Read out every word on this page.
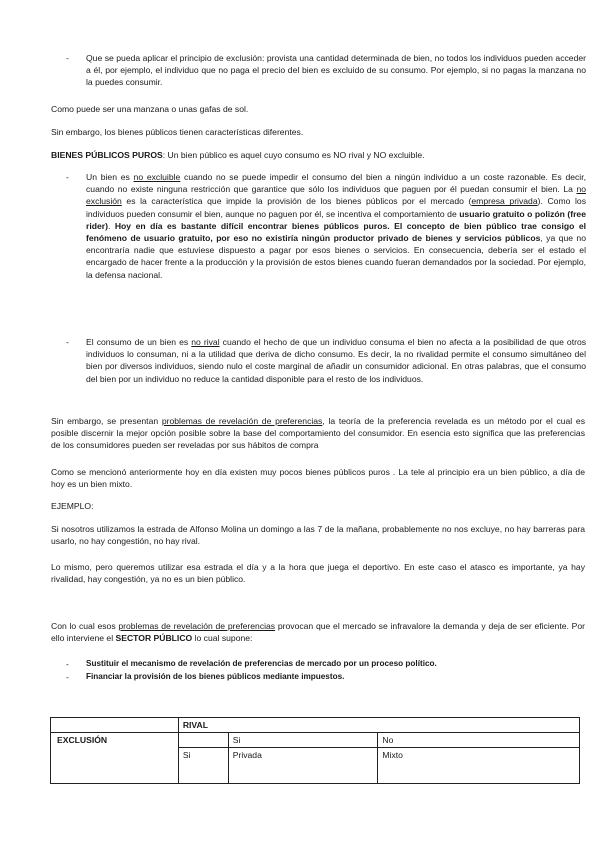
-	Que se pueda aplicar el principio de exclusión: provista una cantidad determinada de bien, no todos los individuos pueden acceder a él, por ejemplo, el individuo que no paga el precio del bien es excluido de su consumo. Por ejemplo, si no pagas la manzana no la puedes consumir.

Como puede ser una manzana o unas gafas de sol.

Sin embargo, los bienes públicos tienen características diferentes.

BIENES PÚBLICOS PUROS: Un bien público es aquel cuyo consumo es NO rival y NO excluible.

-	Un bien es no excluible cuando no se puede impedir el consumo del bien a ningún individuo a un coste razonable. Es decir, cuando no existe ninguna restricción que garantice que sólo los individuos que paguen por él puedan consumir el bien. La no exclusión es la característica que impide la provisión de los bienes públicos por el mercado (empresa privada). Como los individuos pueden consumir el bien, aunque no paguen por él, se incentiva el comportamiento de usuario gratuito o polizón (free rider). Hoy en día es bastante difícil encontrar bienes públicos puros. El concepto de bien público trae consigo el fenómeno de usuario gratuito, por eso no existiría ningún productor privado de bienes y servicios públicos, ya que no encontraría nadie que estuviese dispuesto a pagar por esos bienes o servicios. En consecuencia, debería ser el estado el encargado de hacer frente a la producción y la provisión de estos bienes cuando fueran demandados por la sociedad. Por ejemplo, la defensa nacional.

-	El consumo de un bien es no rival cuando el hecho de que un individuo consuma el bien no afecta a la posibilidad de que otros individuos lo consuman, ni a la utilidad que deriva de dicho consumo. Es decir, la no rivalidad permite el consumo simultáneo del bien por diversos individuos, siendo nulo el coste marginal de añadir un consumidor adicional. En otras palabras, que el consumo del bien por un individuo no reduce la cantidad disponible para el resto de los individuos.

Sin embargo, se presentan problemas de revelación de preferencias, la teoría de la preferencia revelada es un método por el cual es posible discernir la mejor opción posible sobre la base del comportamiento del consumidor. En esencia esto significa que las preferencias de los consumidores pueden ser reveladas por sus hábitos de compra

Como se mencionó anteriormente hoy en día existen muy pocos bienes públicos puros . La tele al principio era un bien público, a día de hoy es un bien mixto.

EJEMPLO:

Si nosotros utilizamos la estrada de Alfonso Molina un domingo a las 7 de la mañana, probablemente no nos excluye, no hay barreras para usarlo, no hay congestión, no hay rival.

Lo mismo, pero queremos utilizar esa estrada el día y a la hora que juega el deportivo. En este caso el atasco es importante, ya hay rivalidad, hay congestión, ya no es un bien público.

Con lo cual esos problemas de revelación de preferencias provocan que el mercado se infravalore la demanda y deja de ser eficiente. Por ello interviene el SECTOR PÚBLICO lo cual supone:

-	Sustituir el mecanismo de revelación de preferencias de mercado por un proceso político.

-	Financiar la provisión de los bienes públicos mediante impuestos.

	RIVAL		
EXCLUSIÓN		Si	No
	Si	Privada	Mixto
